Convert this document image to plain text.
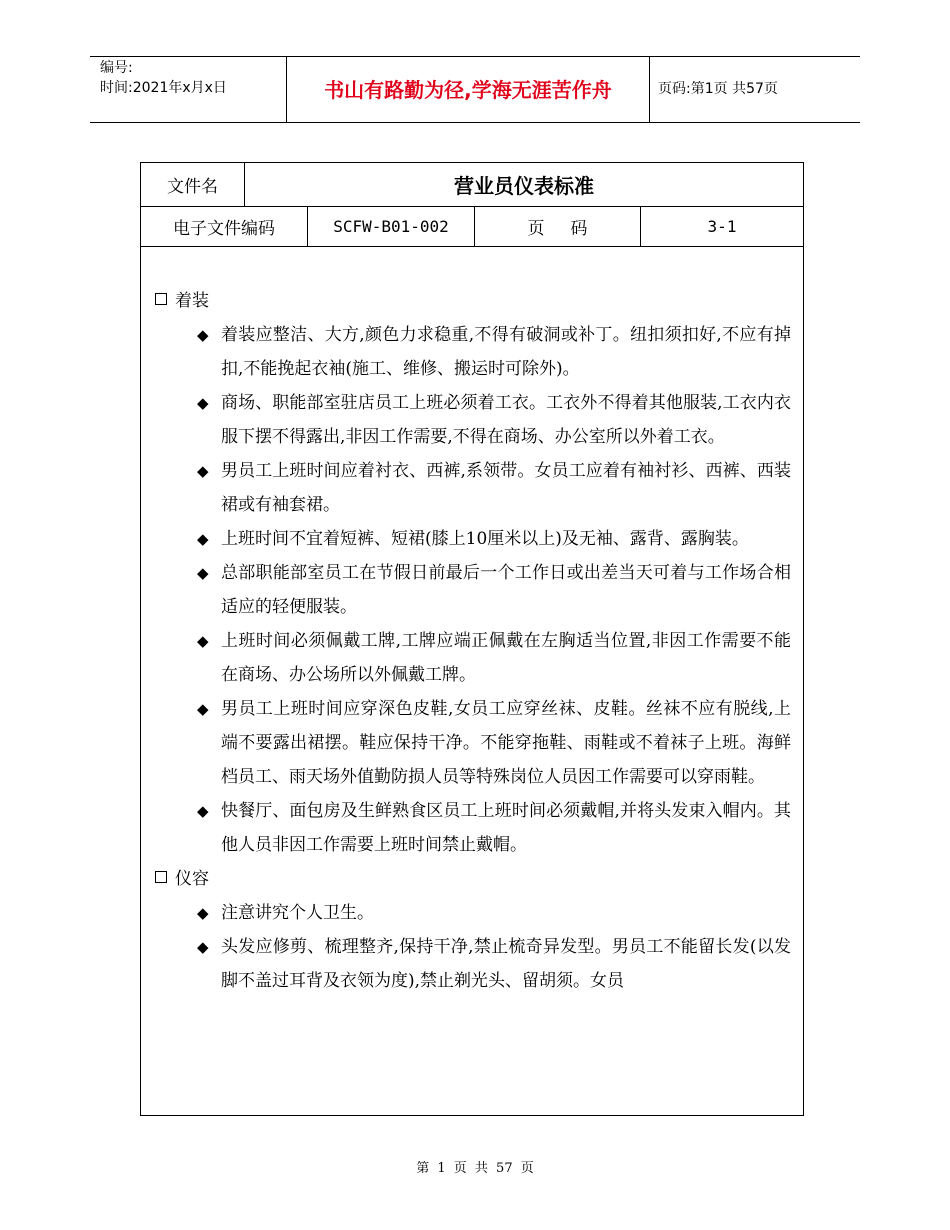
编号:
时间:2021年x月x日	书山有路勤为径,学海无涯苦作舟	页码:第1页 共57页
文件名	营业员仪表标准
电子文件编码	SCFW-B01-002	页码	3-1
着装
◆ 着装应整洁、大方,颜色力求稳重,不得有破洞或补丁。纽扣须扣好,不应有掉扣,不能挽起衣袖(施工、维修、搬运时可除外)。
◆ 商场、职能部室驻店员工上班必须着工衣。工衣外不得着其他服装,工衣内衣服下摆不得露出,非因工作需要,不得在商场、办公室所以外着工衣。
◆ 男员工上班时间应着衬衣、西裤,系领带。女员工应着有袖衬衫、西裤、西装裙或有袖套裙。
◆ 上班时间不宜着短裤、短裙(膝上10厘米以上)及无袖、露背、露胸装。
◆ 总部职能部室员工在节假日前最后一个工作日或出差当天可着与工作场合相适应的轻便服装。
◆ 上班时间必须佩戴工牌,工牌应端正佩戴在左胸适当位置,非因工作需要不能在商场、办公场所以外佩戴工牌。
◆ 男员工上班时间应穿深色皮鞋,女员工应穿丝袜、皮鞋。丝袜不应有脱线,上端不要露出裙摆。鞋应保持干净。不能穿拖鞋、雨鞋或不着袜子上班。海鲜档员工、雨天场外值勤防损人员等特殊岗位人员因工作需要可以穿雨鞋。
◆ 快餐厅、面包房及生鲜熟食区员工上班时间必须戴帽,并将头发束入帽内。其他人员非因工作需要上班时间禁止戴帽。
仪容
◆ 注意讲究个人卫生。
◆ 头发应修剪、梳理整齐,保持干净,禁止梳奇异发型。男员工不能留长发(以发脚不盖过耳背及衣领为度),禁止剃光头、留胡须。女员
第 1 页 共 57 页
